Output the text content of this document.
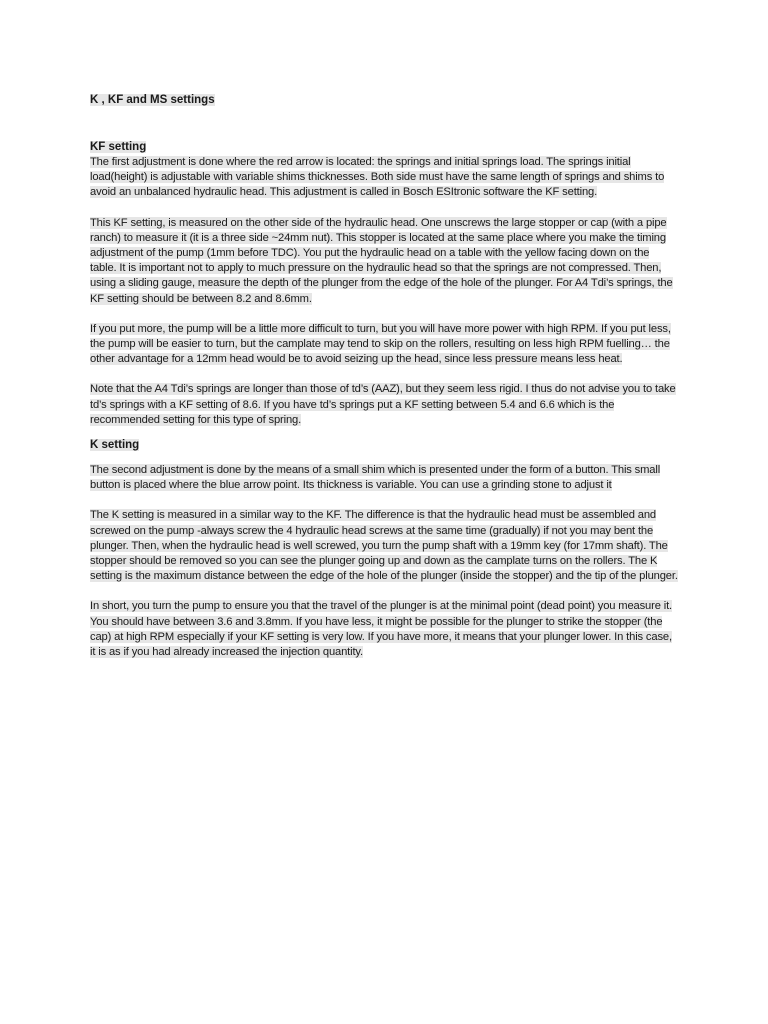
K , KF and MS settings

KF setting

The first adjustment is done where the red arrow is located: the springs and initial springs load. The springs initial load(height) is adjustable with variable shims thicknesses. Both side must have the same length of springs and shims to avoid an unbalanced hydraulic head. This adjustment is called in Bosch ESItronic software the KF setting.

This KF setting, is measured on the other side of the hydraulic head. One unscrews the large stopper or cap (with a pipe ranch) to measure it (it is a three side ~24mm nut). This stopper is located at the same place where you make the timing adjustment of the pump (1mm before TDC). You put the hydraulic head on a table with the yellow facing down on the table. It is important not to apply to much pressure on the hydraulic head so that the springs are not compressed. Then, using a sliding gauge, measure the depth of the plunger from the edge of the hole of the plunger. For A4 Tdi’s springs, the KF setting should be between 8.2 and 8.6mm.

If you put more, the pump will be a little more difficult to turn, but you will have more power with high RPM. If you put less, the pump will be easier to turn, but the camplate may tend to skip on the rollers, resulting on less high RPM fuelling… the other advantage for a 12mm head would be to avoid seizing up the head, since less pressure means less heat.

Note that the A4 Tdi’s springs are longer than those of td’s (AAZ), but they seem less rigid. I thus do not advise you to take td’s springs with a KF setting of 8.6. If you have td’s springs put a KF setting between 5.4 and 6.6 which is the recommended setting for this type of spring.

K setting

The second adjustment is done by the means of a small shim which is presented under the form of a button. This small button is placed where the blue arrow point. Its thickness is variable. You can use a grinding stone to adjust it

The K setting is measured in a similar way to the KF. The difference is that the hydraulic head must be assembled and screwed on the pump -always screw the 4 hydraulic head screws at the same time (gradually) if not you may bent the plunger. Then, when the hydraulic head is well screwed, you turn the pump shaft with a 19mm key (for 17mm shaft). The stopper should be removed so you can see the plunger going up and down as the camplate turns on the rollers. The K setting is the maximum distance between the edge of the hole of the plunger (inside the stopper) and the tip of the plunger.

In short, you turn the pump to ensure you that the travel of the plunger is at the minimal point (dead point) you measure it. You should have between 3.6 and 3.8mm. If you have less, it might be possible for the plunger to strike the stopper (the cap) at high RPM especially if your KF setting is very low. If you have more, it means that your plunger lower. In this case, it is as if you had already increased the injection quantity.
